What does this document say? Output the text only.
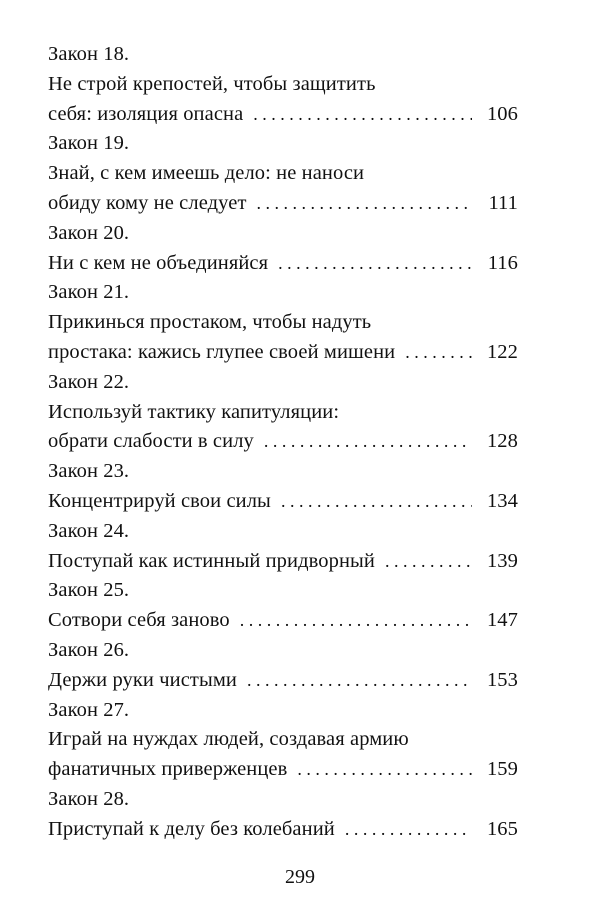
Закон 18.
Не строй крепостей, чтобы защитить
себя: изоляция опасна . . .	106
Закон 19.
Знай, с кем имеешь дело: не наноси
обиду кому не следует . . .	111
Закон 20.
Ни с кем не объединяйся . . .	116
Закон 21.
Прикинься простаком, чтобы надуть
простака: кажись глупее своей мишени . . .	122
Закон 22.
Используй тактику капитуляции:
обрати слабости в силу . . .	128
Закон 23.
Концентрируй свои силы . . .	134
Закон 24.
Поступай как истинный придворный . . .	139
Закон 25.
Сотвори себя заново . . .	147
Закон 26.
Держи руки чистыми . . .	153
Закон 27.
Играй на нуждах людей, создавая армию
фанатичных приверженцев . . .	159
Закон 28.
Приступай к делу без колебаний . . .	165
299
